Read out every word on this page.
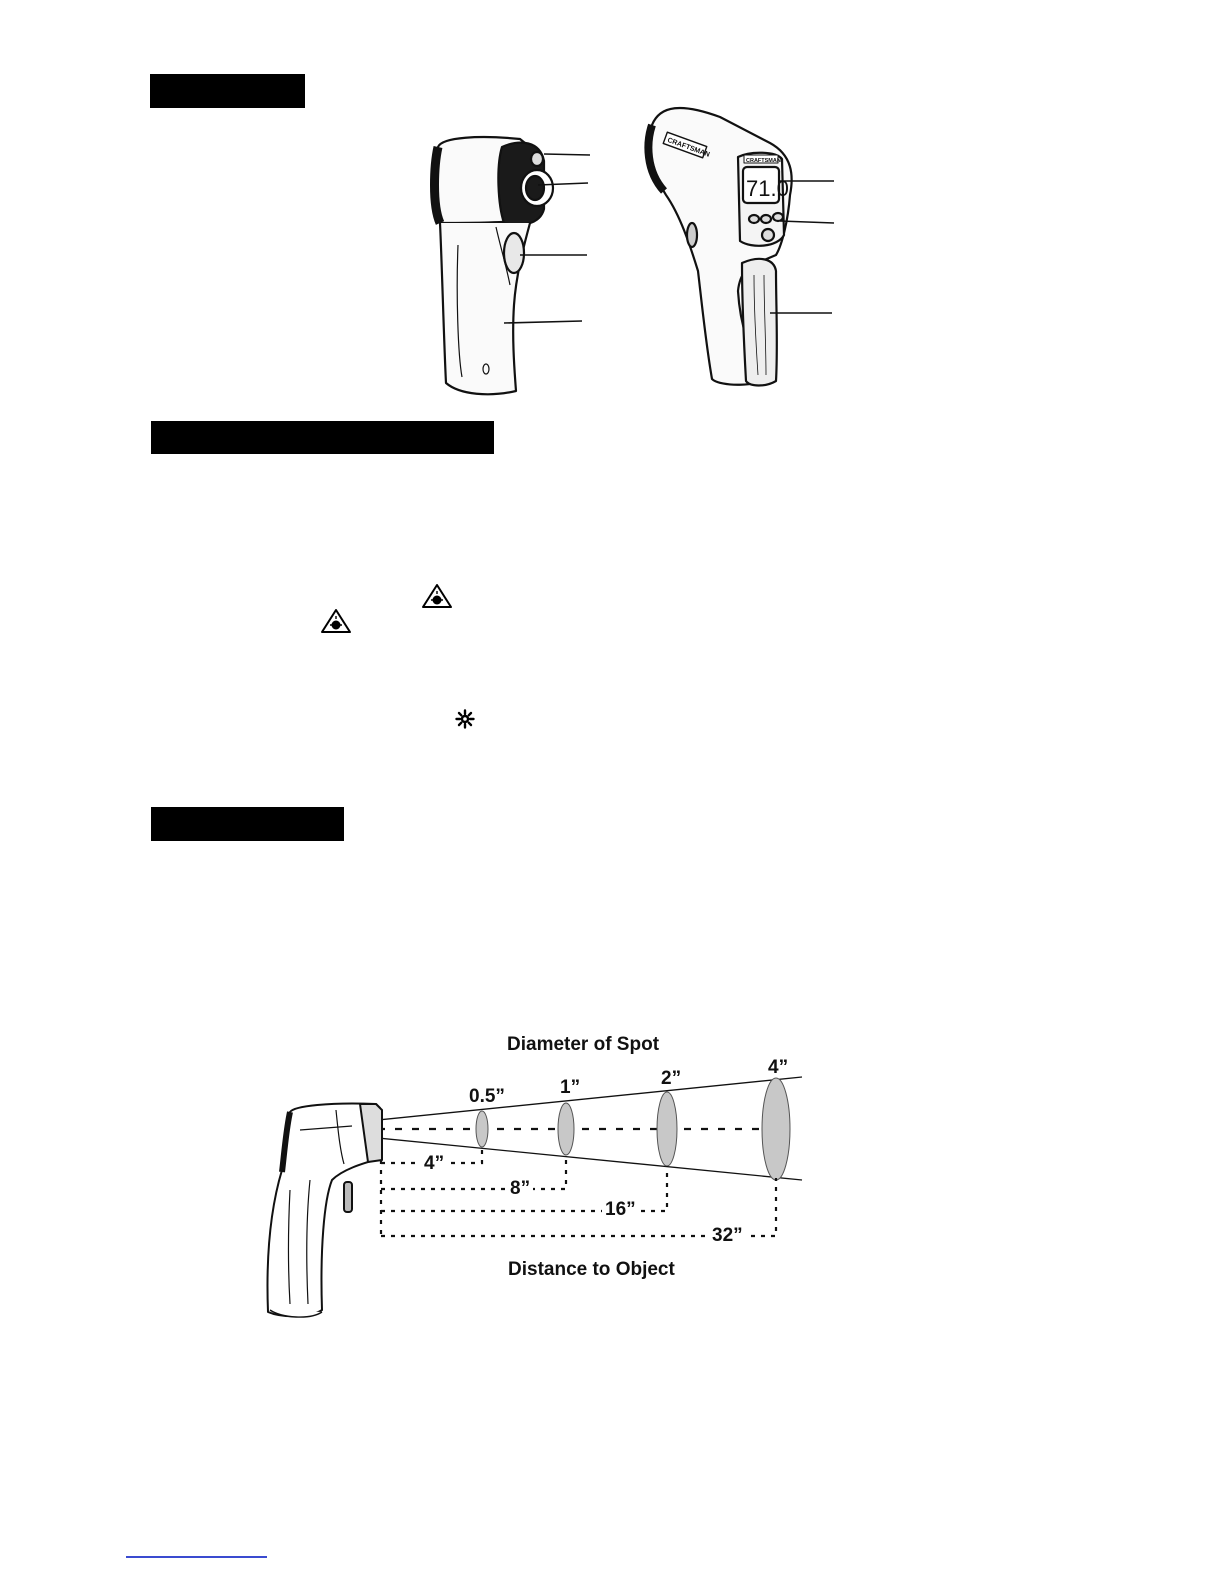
CRAFTSMAN
CRAFTSMAN
71.0
Diameter of Spot
0.5”	1”	2”
4”
4”
8”
16”
32”
Distance to Object
